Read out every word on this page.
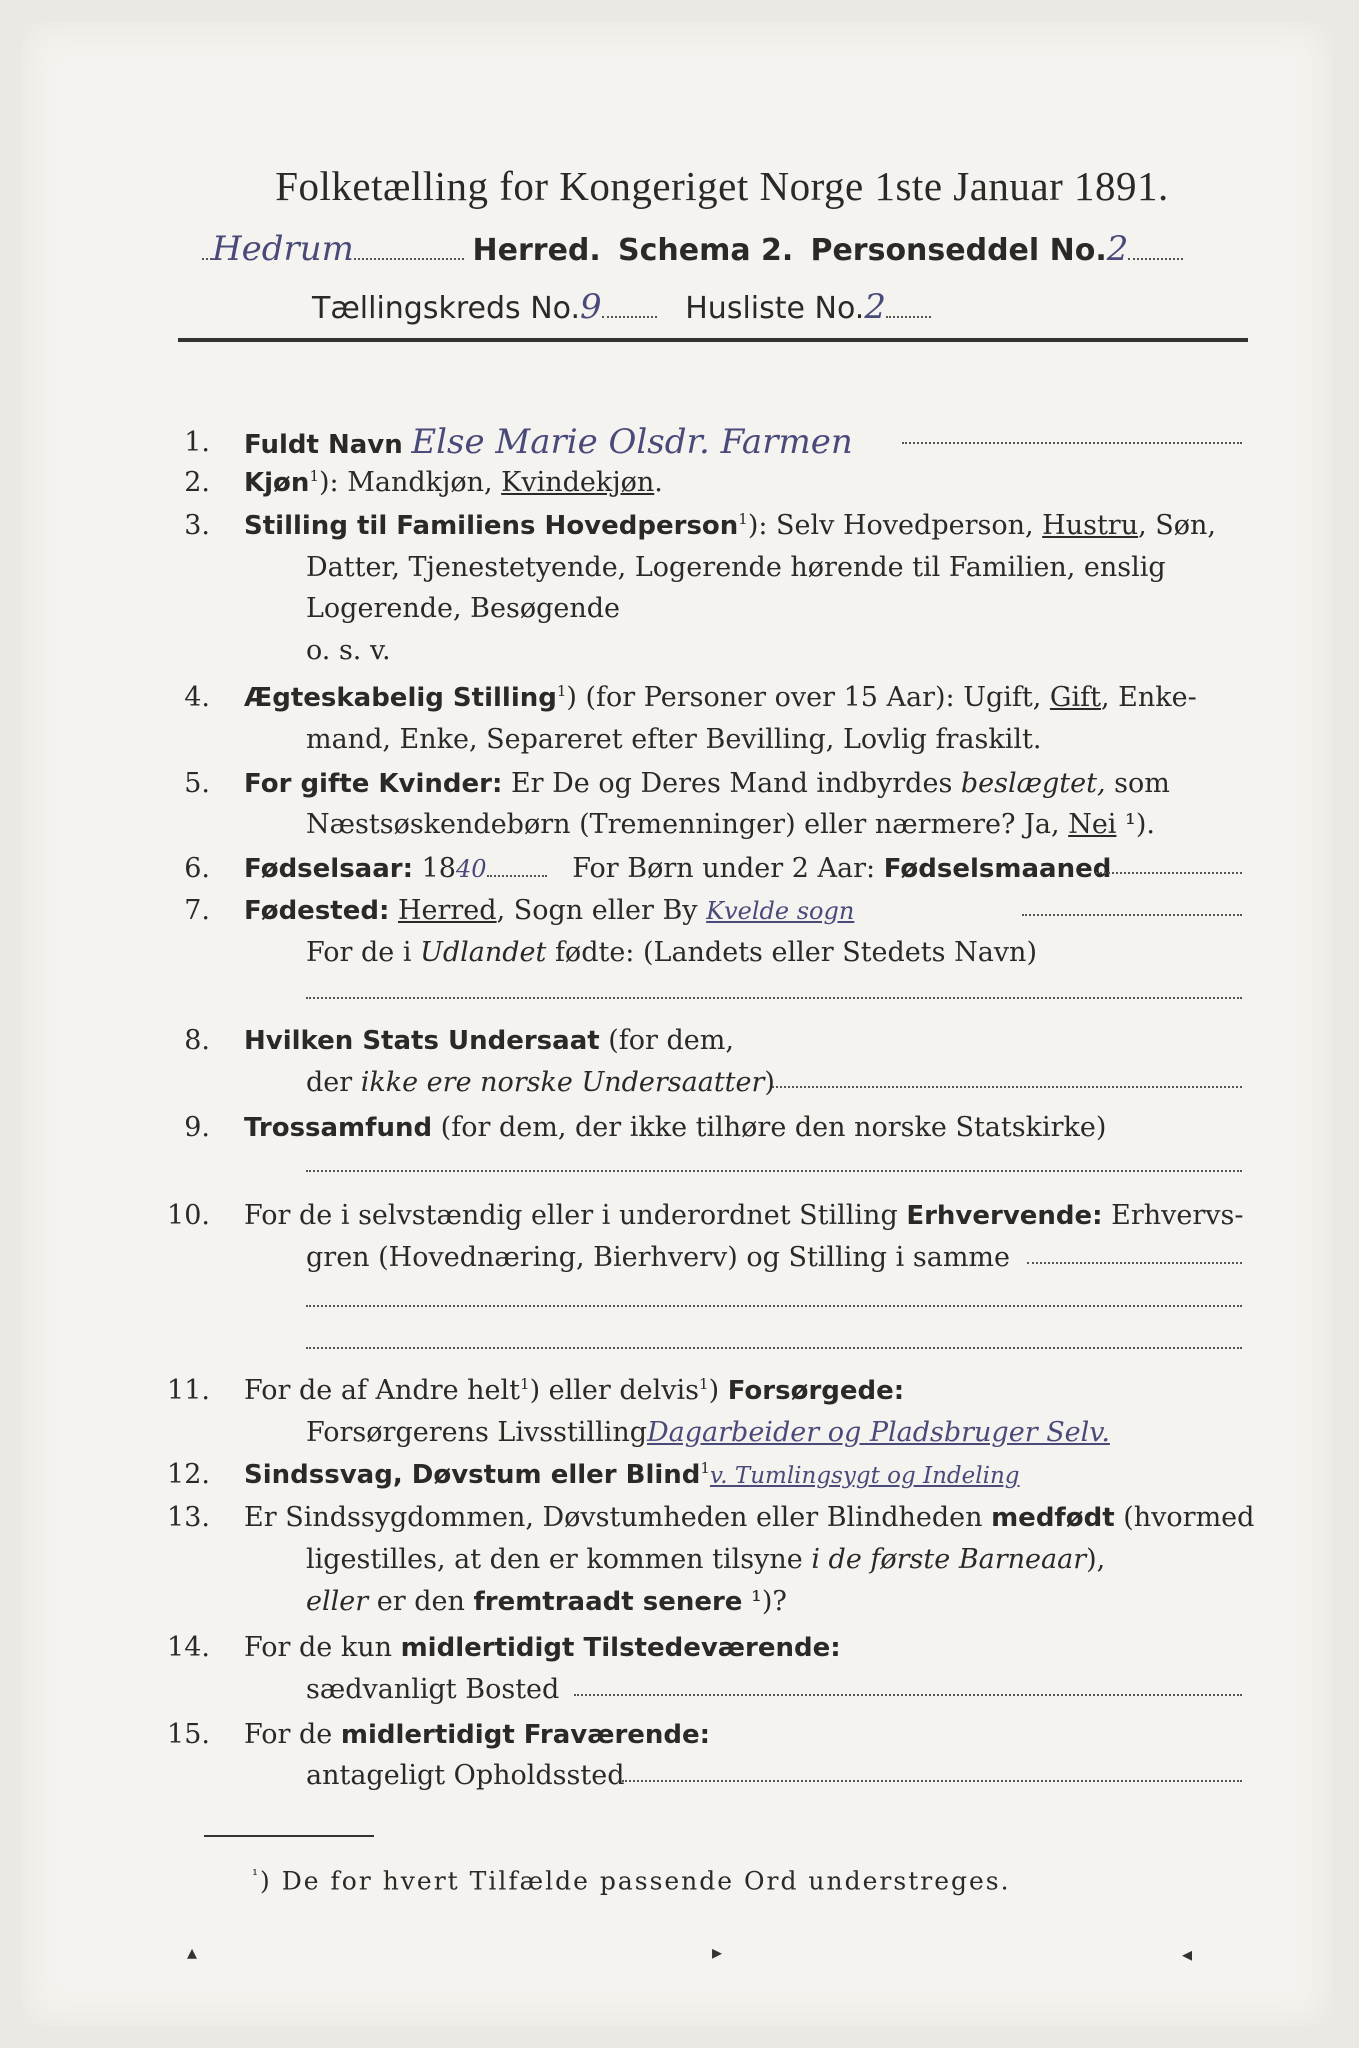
Folketælling for Kongeriget Norge 1ste Januar 1891.
Hedrum	Herred. Schema 2. Personseddel No.2
Tællingskreds No.9	Husliste No.2
1. Fuldt Navn Else Marie Olsdr. Farmen
2. Kjøn$^1$): Mandkjøn, Kvindekjøn.
3. Stilling til Familiens Hovedperson$^1$): Selv Hovedperson, Hustru, Søn,
Datter, Tjenestetyende, Logerende hørende til Familien, enslig
Logerende, Besøgende
o. s. v.
4. Ægteskabelig Stilling$^1$) (for Personer over 15 Aar): Ugift, Gift, Enke-
mand, Enke, Separeret efter Bevilling, Lovlig fraskilt.
5. For gifte Kvinder: Er De og Deres Mand indbyrdes beslægtet, som
Næstsøskendebørn (Tremenninger) eller nærmere? Ja, Nei ¹).
6. Fødselsaar: 1840	For Børn under 2 Aar: Fødselsmaaned
7. Fødested: Herred, Sogn eller By Kvelde sogn
For de i Udlandet fødte: (Landets eller Stedets Navn)
8. Hvilken Stats Undersaat (for dem,
der ikke ere norske Undersaatter)
9. Trossamfund (for dem, der ikke tilhøre den norske Statskirke)
10. For de i selvstændig eller i underordnet Stilling Erhvervende: Erhvervs-
gren (Hovednæring, Bierhverv) og Stilling i samme
11. For de af Andre helt$^1$) eller delvis$^1$) Forsørgede:
Forsørgerens LivsstillingDagarbeider og Pladsbruger Selv.
12. Sindssvag, Døvstum eller Blind$^1$v. Tumlingsygt og Indeling
13. Er Sindssygdommen, Døvstumheden eller Blindheden medfødt (hvormed
ligestilles, at den er kommen tilsyne i de første Barneaar),
eller er den fremtraadt senere ¹)?
14. For de kun midlertidigt Tilstedeværende:
sædvanligt Bosted
15. For de midlertidigt Fraværende:
antageligt Opholdssted
$^{^1}$) De for hvert Tilfælde passende Ord understreges.
▴	▸	◂
